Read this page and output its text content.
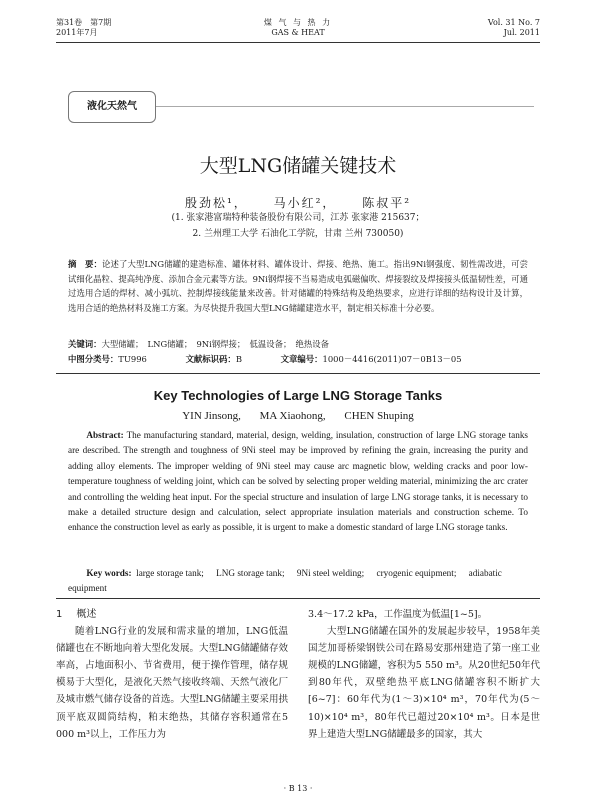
第31卷　第7期
2011年7月
煤 气 与 热 力
GAS & HEAT
Vol. 31 No. 7
Jul. 2011
液化天然气
大型LNG储罐关键技术
殷劲松¹， 马小红²， 陈叔平²
(1. 张家港富瑞特种装备股份有限公司，江苏 张家港 215637；
2. 兰州理工大学 石油化工学院，甘肃 兰州 730050)
摘　要：论述了大型LNG储罐的建造标准、罐体材料、罐体设计、焊接、绝热、施工。指出9Ni钢强度、韧性需改进，可尝试细化晶粒、提高纯净度、添加合金元素等方法。9Ni钢焊接不当易造成电弧磁偏吹、焊接裂纹及焊接接头低温韧性差，可通过选用合适的焊材、减小弧坑、控制焊接线能量来改善。针对储罐的特殊结构及绝热要求，应进行详细的结构设计及计算，选用合适的绝热材料及施工方案。为尽快提升我国大型LNG储罐建造水平，制定相关标准十分必要。
关键词：大型储罐；　LNG储罐；　9Ni钢焊接；　低温设备；　绝热设备
中图分类号：TU996	文献标识码：B	文章编号：1000－4416(2011)07－0B13－05
Key Technologies of Large LNG Storage Tanks
YIN Jinsong, MA Xiaohong, CHEN Shuping
Abstract: The manufacturing standard, material, design, welding, insulation, construction of large LNG storage tanks are described. The strength and toughness of 9Ni steel may be improved by refining the grain, increasing the purity and adding alloy elements. The improper welding of 9Ni steel may cause arc magnetic blow, welding cracks and poor low-temperature toughness of welding joint, which can be solved by selecting proper welding material, minimizing the arc crater and controlling the welding heat input. For the special structure and insulation of large LNG storage tanks, it is necessary to make a detailed structure design and calculation, select appropriate insulation materials and construction scheme. To enhance the construction level as early as possible, it is urgent to make a domestic standard of large LNG storage tanks.
Key words: large storage tank; LNG storage tank; 9Ni steel welding; cryogenic equipment; adiabatic equipment
1 概述
随着LNG行业的发展和需求量的增加，LNG低温储罐也在不断地向着大型化发展。大型LNG储罐储存效率高，占地面积小、节省费用，便于操作管理，储存规模易于大型化，是液化天然气接收终端、天然气液化厂及城市燃气储存设备的首选。大型LNG储罐主要采用拱顶平底双圆筒结构，粕末绝热，其储存容积通常在5 000 m³以上，工作压力为
3.4～17.2 kPa，工作温度为低温[1~5]。
大型LNG储罐在国外的发展起步较早，1958年美国芝加哥桥梁钢铁公司在路易安那州建造了第一座工业规模的LNG储罐，容积为5 550 m³。从20世纪50年代到80年代，双壁绝热平底LNG储罐容积不断扩大[6~7]：60年代为(1～3)×10⁴ m³，70年代为(5～10)×10⁴ m³，80年代已超过20×10⁴ m³。日本是世界上建造大型LNG储罐最多的国家，其大
· B 13 ·
